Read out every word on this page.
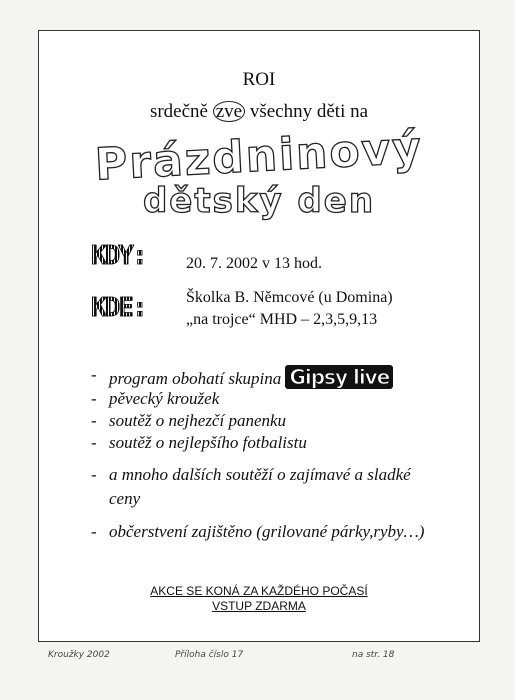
ROI
srdečně zve všechny děti na
Prázdninový
dětský den
KDY:	20. 7. 2002 v 13 hod.
KDE:	Školka B. Němcové (u Domina)
„na trojce“ MHD – 2,3,5,9,13
- program obohatí skupina Gipsy live
- pěvecký kroužek
- soutěž o nejhezčí panenku
- soutěž o nejlepšího fotbalistu
- a mnoho dalších soutěží o zajímavé a sladké ceny
- občerstvení zajištěno (grilované párky,ryby…)
AKCE SE KONÁ ZA KAŽDÉHO POČASÍ
VSTUP ZDARMA
Kroužky 2002	Příloha číslo 17	na str. 18
